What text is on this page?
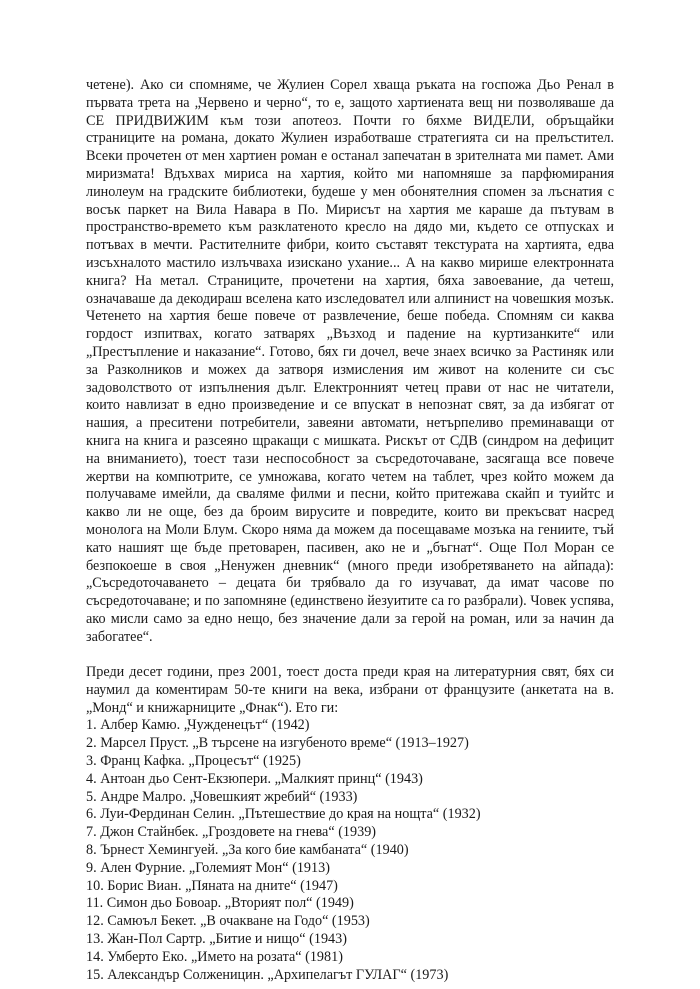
четене). Ако си спомняме, че Жулиен Сорел хваща ръката на госпожа Дьо Ренал в първата трета на „Червено и черно“, то е, защото хартиената вещ ни позволяваше да СЕ ПРИДВИЖИМ към този апотеоз. Почти го бяхме ВИДЕЛИ, обръщайки страниците на романа, докато Жулиен изработваше стратегията си на прелъстител. Всеки прочетен от мен хартиен роман е останал запечатан в зрителната ми памет. Ами миризмата! Вдъхвах мириса на хартия, който ми напомняше за парфюмирания линолеум на градските библиотеки, будеше у мен обонятелния спомен за лъснатия с восък паркет на Вила Навара в По. Мирисът на хартия ме караше да пътувам в пространство-времето към разклатеното кресло на дядо ми, където се отпусках и потъвах в мечти. Растителните фибри, които съставят текстурата на хартията, едва изсъхналото мастило излъчваха изискано ухание... А на какво мирише електронната книга? На метал. Страниците, прочетени на хартия, бяха завоевание, да четеш, означаваше да декодираш вселена като изследовател или алпинист на човешкия мозък. Четенето на хартия беше повече от развлечение, беше победа. Спомням си каква гордост изпитвах, когато затварях „Възход и падение на куртизанките“ или „Престъпление и наказание“. Готово, бях ги дочел, вече знаех всичко за Растиняк или за Разколников и можех да затворя измисления им живот на колените си със задоволството от изпълнения дълг. Електронният четец прави от нас не читатели, които навлизат в едно произведение и се впускат в непознат свят, за да избягат от нашия, а преситени потребители, завеяни автомати, нетърпеливо преминаващи от книга на книга и разсеяно щракащи с мишката. Рискът от СДВ (синдром на дефицит на вниманието), тоест тази неспособност за съсредоточаване, засягаща все повече жертви на компютрите, се умножава, когато четем на таблет, чрез който можем да получаваме имейли, да сваляме филми и песни, който притежава скайп и туийтс и какво ли не още, без да броим вирусите и повредите, които ви прекъсват насред монолога на Моли Блум. Скоро няма да можем да посещаваме мозъка на гениите, тъй като нашият ще бъде претоварен, пасивен, ако не и „бъгнат“. Още Пол Моран се безпокоеше в своя „Ненужен дневник“ (много преди изобретяването на айпада): „Съсредоточаването – децата би трябвало да го изучават, да имат часове по съсредоточаване; и по запомняне (единствено йезуитите са го разбрали). Човек успява, ако мисли само за едно нещо, без значение дали за герой на роман, или за начин да забогатее“.

Преди десет години, през 2001, тоест доста преди края на литературния свят, бях си наумил да коментирам 50-те книги на века, избрани от французите (анкетата на в. „Монд“ и книжарниците „Фнак“). Ето ги:

1. Албер Камю. „Чужденецът“ (1942)
2. Марсел Пруст. „В търсене на изгубеното време“ (1913–1927)
3. Франц Кафка. „Процесът“ (1925)
4. Антоан дьо Сент-Екзюпери. „Малкият принц“ (1943)
5. Андре Малро. „Човешкият жребий“ (1933)
6. Луи-Фердинан Селин. „Пътешествие до края на нощта“ (1932)
7. Джон Стайнбек. „Гроздовете на гнева“ (1939)
8. Ърнест Хемингуей. „За кого бие камбаната“ (1940)
9. Ален Фурние. „Големият Мон“ (1913)
10. Борис Виан. „Пяната на дните“ (1947)
11. Симон дьо Бовоар. „Вторият пол“ (1949)
12. Самюъл Бекет. „В очакване на Годо“ (1953)
13. Жан-Пол Сартр. „Битие и нищо“ (1943)
14. Умберто Еко. „Името на розата“ (1981)
15. Александър Солженицин. „Архипелагът ГУЛАГ“ (1973)
